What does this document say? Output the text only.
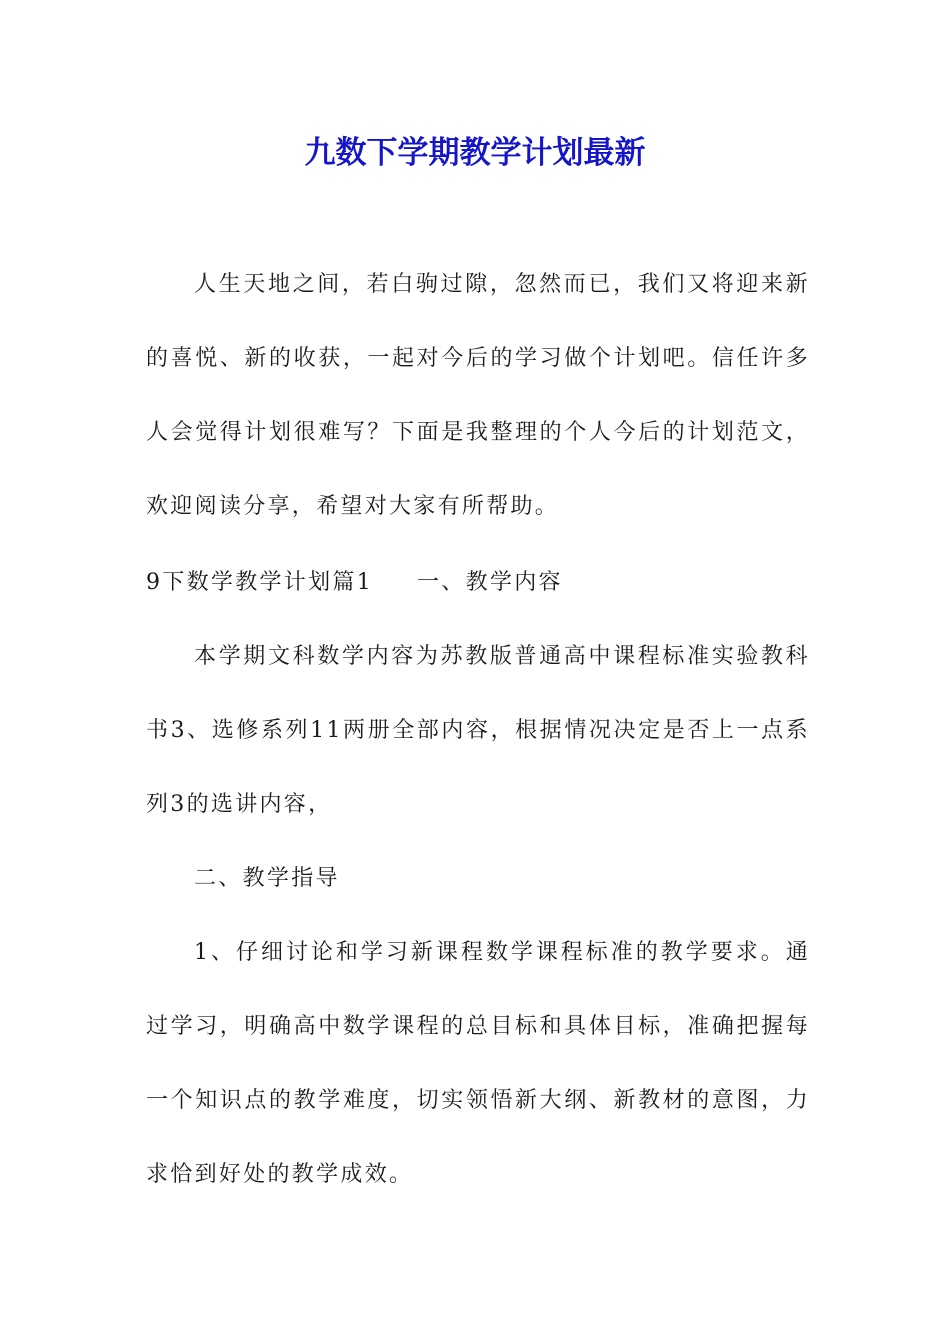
九数下学期教学计划最新

人生天地之间，若白驹过隙，忽然而已，我们又将迎来新的喜悦、新的收获，一起对今后的学习做个计划吧。信任许多人会觉得计划很难写？下面是我整理的个人今后的计划范文，欢迎阅读分享，希望对大家有所帮助。

9下数学教学计划篇1 一、教学内容

本学期文科数学内容为苏教版普通高中课程标准实验教科书3、选修系列11两册全部内容，根据情况决定是否上一点系列3的选讲内容，

二、教学指导

1、仔细讨论和学习新课程数学课程标准的教学要求。通过学习，明确高中数学课程的总目标和具体目标，准确把握每一个知识点的教学难度，切实领悟新大纲、新教材的意图，力求恰到好处的教学成效。
